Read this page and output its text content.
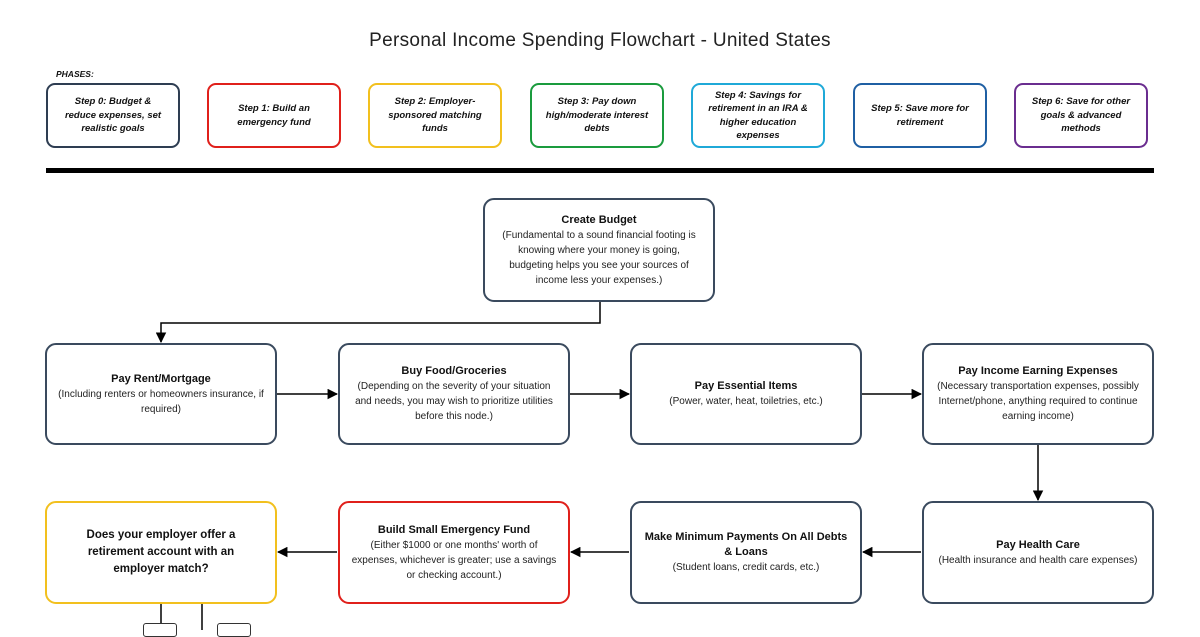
Personal Income Spending Flowchart - United States
PHASES:
Step 0: Budget & reduce expenses, set realistic goals
Step 1: Build an emergency fund
Step 2: Employer-sponsored matching funds
Step 3: Pay down high/moderate interest debts
Step 4: Savings for retirement in an IRA & higher education expenses
Step 5: Save more for retirement
Step 6: Save for other goals & advanced methods
Create Budget
(Fundamental to a sound financial footing is knowing where your money is going, budgeting helps you see your sources of income less your expenses.)
Pay Rent/Mortgage
(Including renters or homeowners insurance, if required)
Buy Food/Groceries
(Depending on the severity of your situation and needs, you may wish to prioritize utilities before this node.)
Pay Essential Items
(Power, water, heat, toiletries, etc.)
Pay Income Earning Expenses
(Necessary transportation expenses, possibly Internet/phone, anything required to continue earning income)
Pay Health Care
(Health insurance and health care expenses)
Make Minimum Payments On All Debts & Loans
(Student loans, credit cards, etc.)
Build Small Emergency Fund
(Either $1000 or one months' worth of expenses, whichever is greater; use a savings or checking account.)
Does your employer offer a retirement account with an employer match?
